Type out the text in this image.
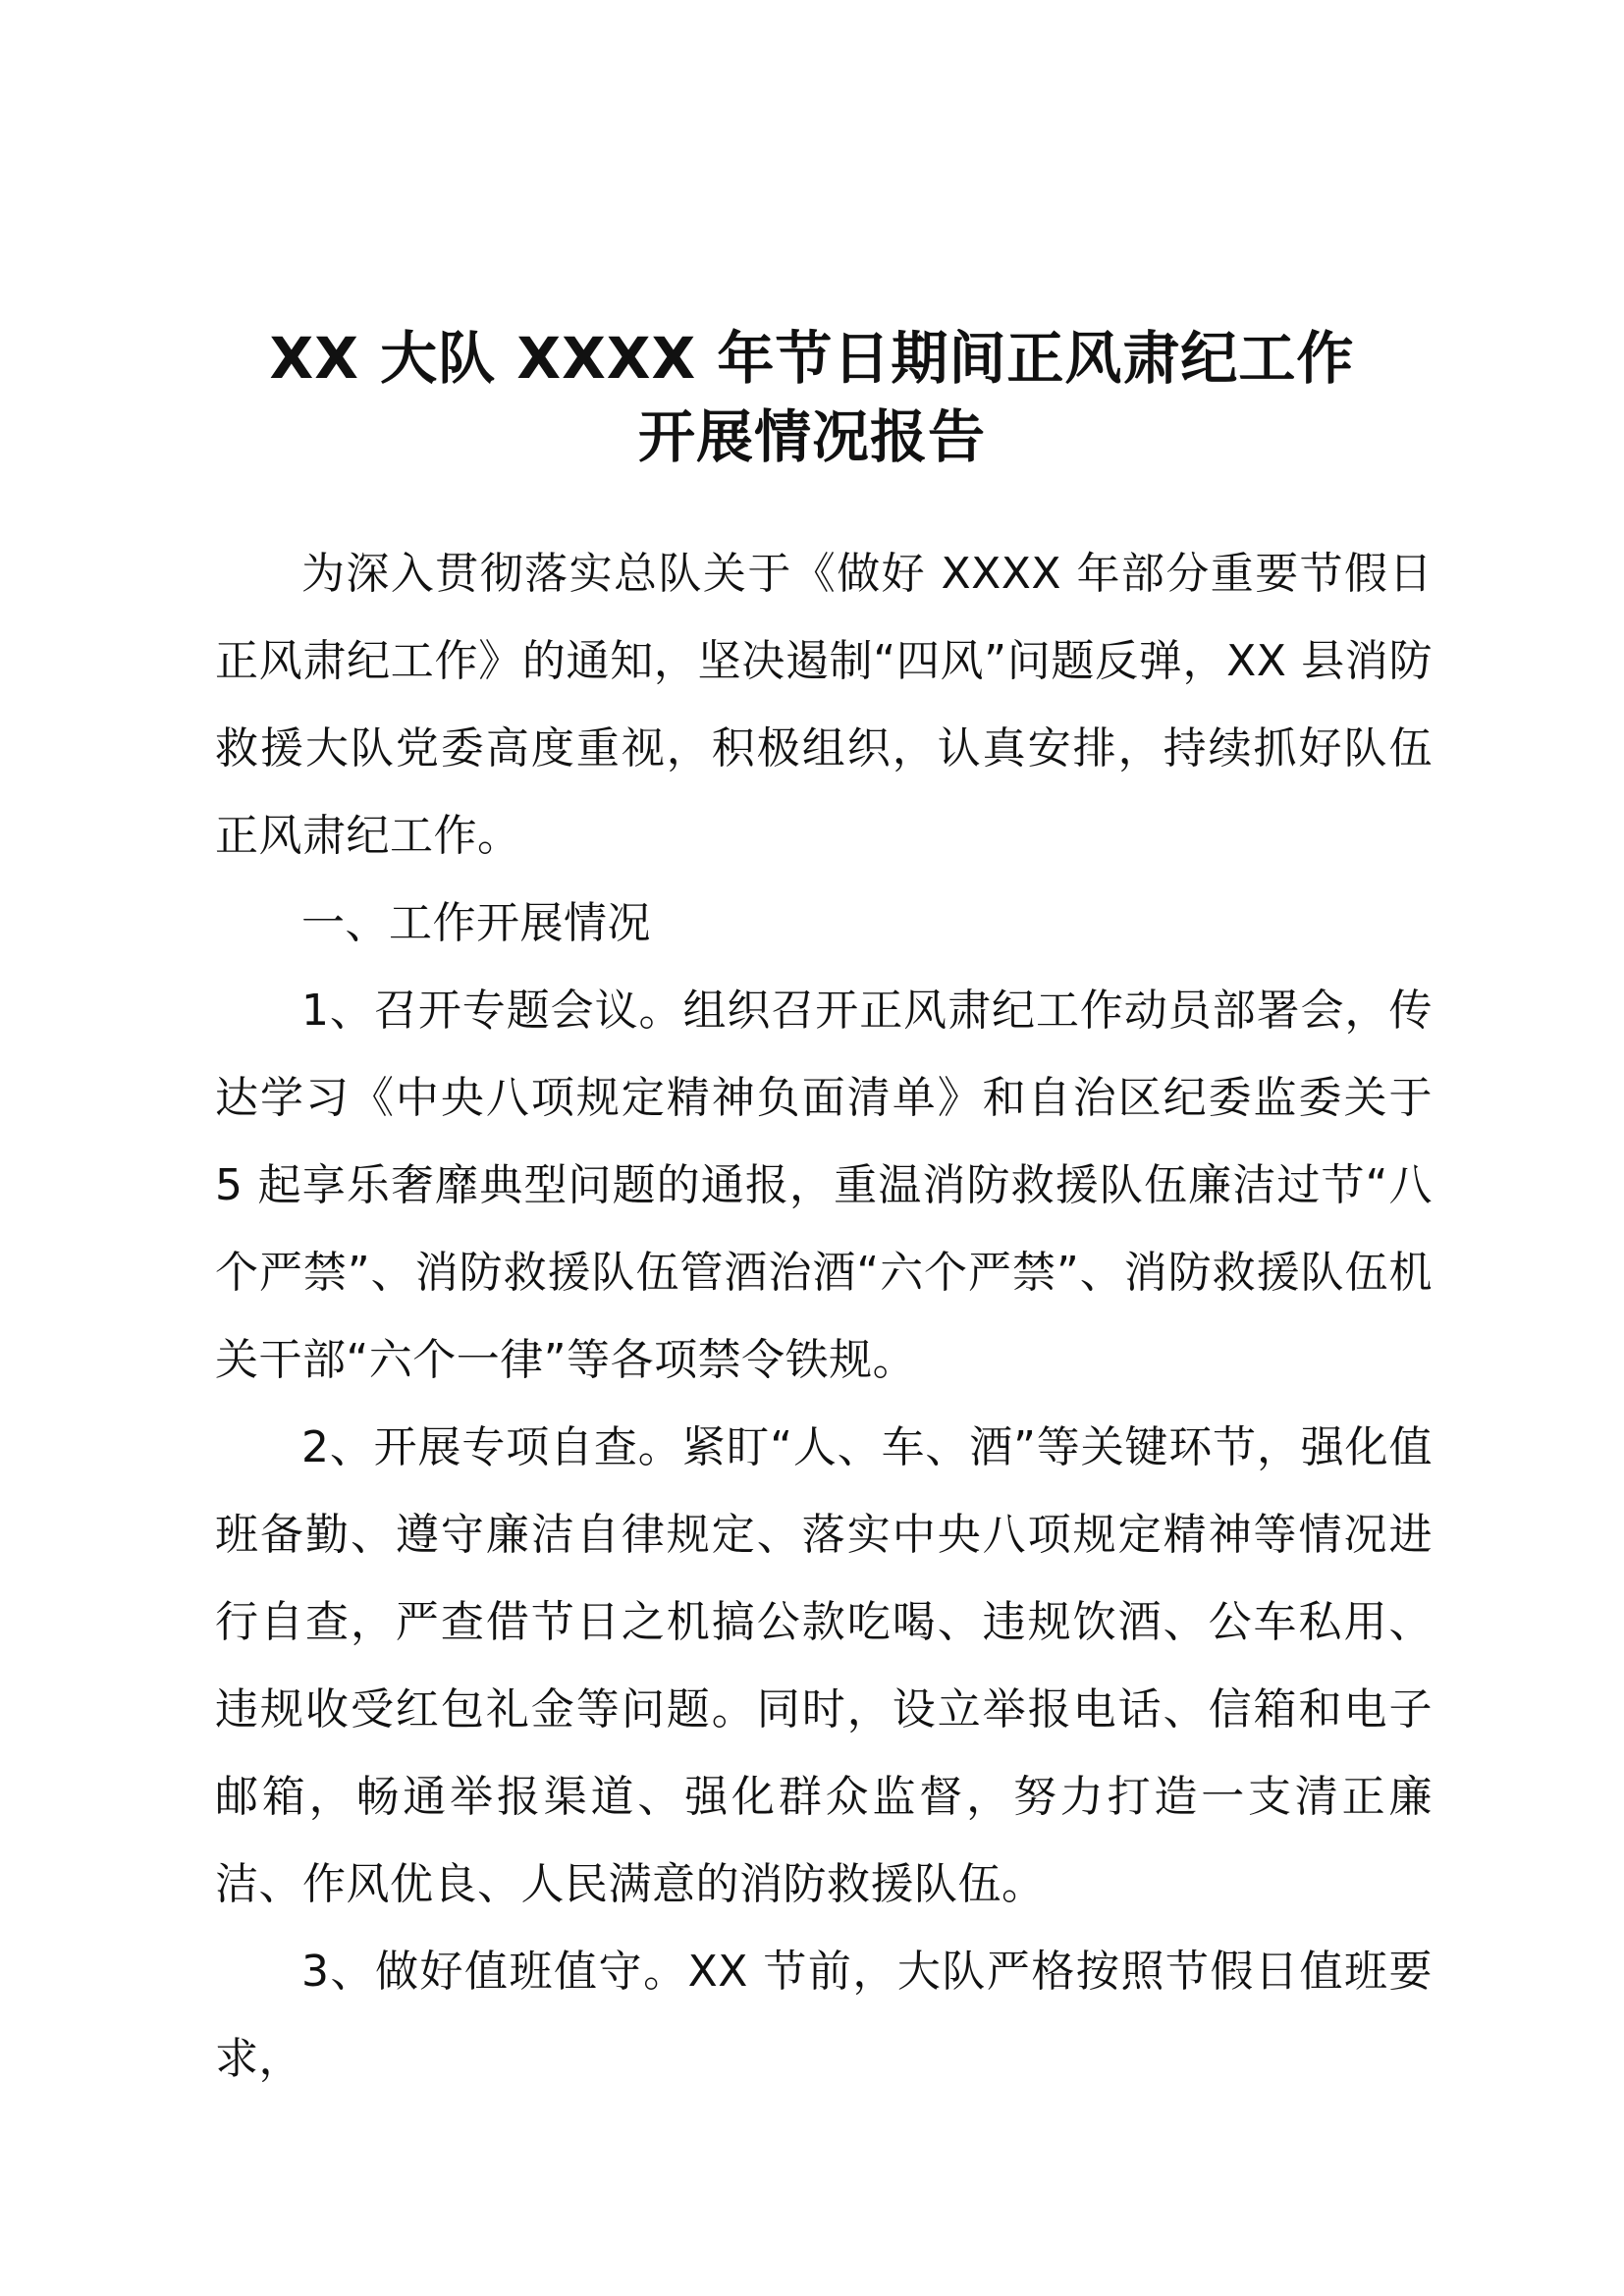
XX 大队 XXXX 年节日期间正风肃纪工作

开展情况报告

为深入贯彻落实总队关于《做好 XXXX 年部分重要节假日正风肃纪工作》的通知，坚决遏制“四风”问题反弹，XX 县消防救援大队党委高度重视，积极组织，认真安排，持续抓好队伍正风肃纪工作。

一、工作开展情况

1、召开专题会议。组织召开正风肃纪工作动员部署会，传达学习《中央八项规定精神负面清单》和自治区纪委监委关于 5 起享乐奢靡典型问题的通报，重温消防救援队伍廉洁过节“八个严禁”、消防救援队伍管酒治酒“六个严禁”、消防救援队伍机关干部“六个一律”等各项禁令铁规。

2、开展专项自查。紧盯“人、车、酒”等关键环节，强化值班备勤、遵守廉洁自律规定、落实中央八项规定精神等情况进行自查，严查借节日之机搞公款吃喝、违规饮酒、公车私用、违规收受红包礼金等问题。同时，设立举报电话、信箱和电子邮箱，畅通举报渠道、强化群众监督，努力打造一支清正廉洁、作风优良、人民满意的消防救援队伍。

3、做好值班值守。XX 节前，大队严格按照节假日值班要求，
